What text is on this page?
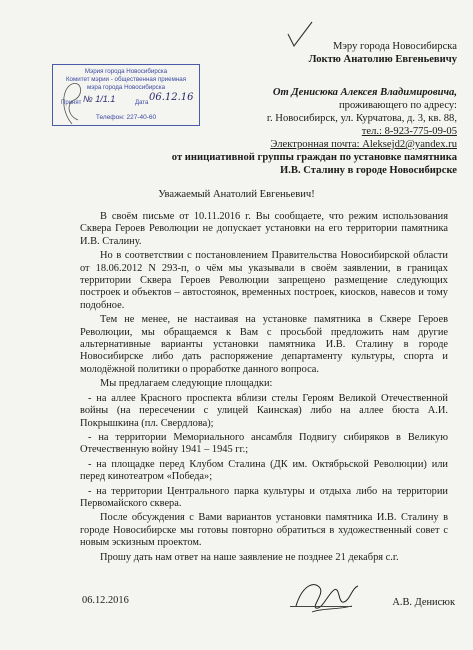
Мэрия города Новосибирска
Комитет мэрии - общественная приемная
мэра города Новосибирска
Принят № 1/1.1	Дата 06.12.16
Телефон: 227-40-60
Мэру города Новосибирска
Локтю Анатолию Евгеньевичу
От Денисюка Алексея Владимировича,
проживающего по адресу:
г. Новосибирск, ул. Курчатова, д. 3, кв. 88,
тел.: 8-923-775-09-05
Электронная почта: Aleksejd2@yandex.ru
от инициативной группы граждан по установке памятника
И.В. Сталину в городе Новосибирске
Уважаемый Анатолий Евгеньевич!

В своём письме от 10.11.2016 г. Вы сообщаете, что режим использования Сквера Героев Революции не допускает установки на его территории памятника И.В. Сталину.

Но в соответствии с постановлением Правительства Новосибирской области от 18.06.2012 N 293-п, о чём мы указывали в своём заявлении, в границах территории Сквера Героев Революции запрещено размещение следующих построек и объектов – автостоянок, временных построек, киосков, навесов и тому подобное.

Тем не менее, не настаивая на установке памятника в Сквере Героев Революции, мы обращаемся к Вам с просьбой предложить нам другие альтернативные варианты установки памятника И.В. Сталину в городе Новосибирске либо дать распоряжение департаменту культуры, спорта и молодёжной политики о проработке данного вопроса.

Мы предлагаем следующие площадки:

- на аллее Красного проспекта вблизи стелы Героям Великой Отечественной войны (на пересечении с улицей Каинская) либо на аллее бюста А.И. Покрышкина (пл. Свердлова);

- на территории Мемориального ансамбля Подвигу сибиряков в Великую Отечественную войну 1941 – 1945 гг.;

- на площадке перед Клубом Сталина (ДК им. Октябрьской Революции) или перед кинотеатром «Победа»;

- на территории Центрального парка культуры и отдыха либо на территории Первомайского сквера.

После обсуждения с Вами вариантов установки памятника И.В. Сталину в городе Новосибирске мы готовы повторно обратиться в художественный совет с новым эскизным проектом.

Прошу дать нам ответ на наше заявление не позднее 21 декабря с.г.

06.12.2016	А.В. Денисюк
